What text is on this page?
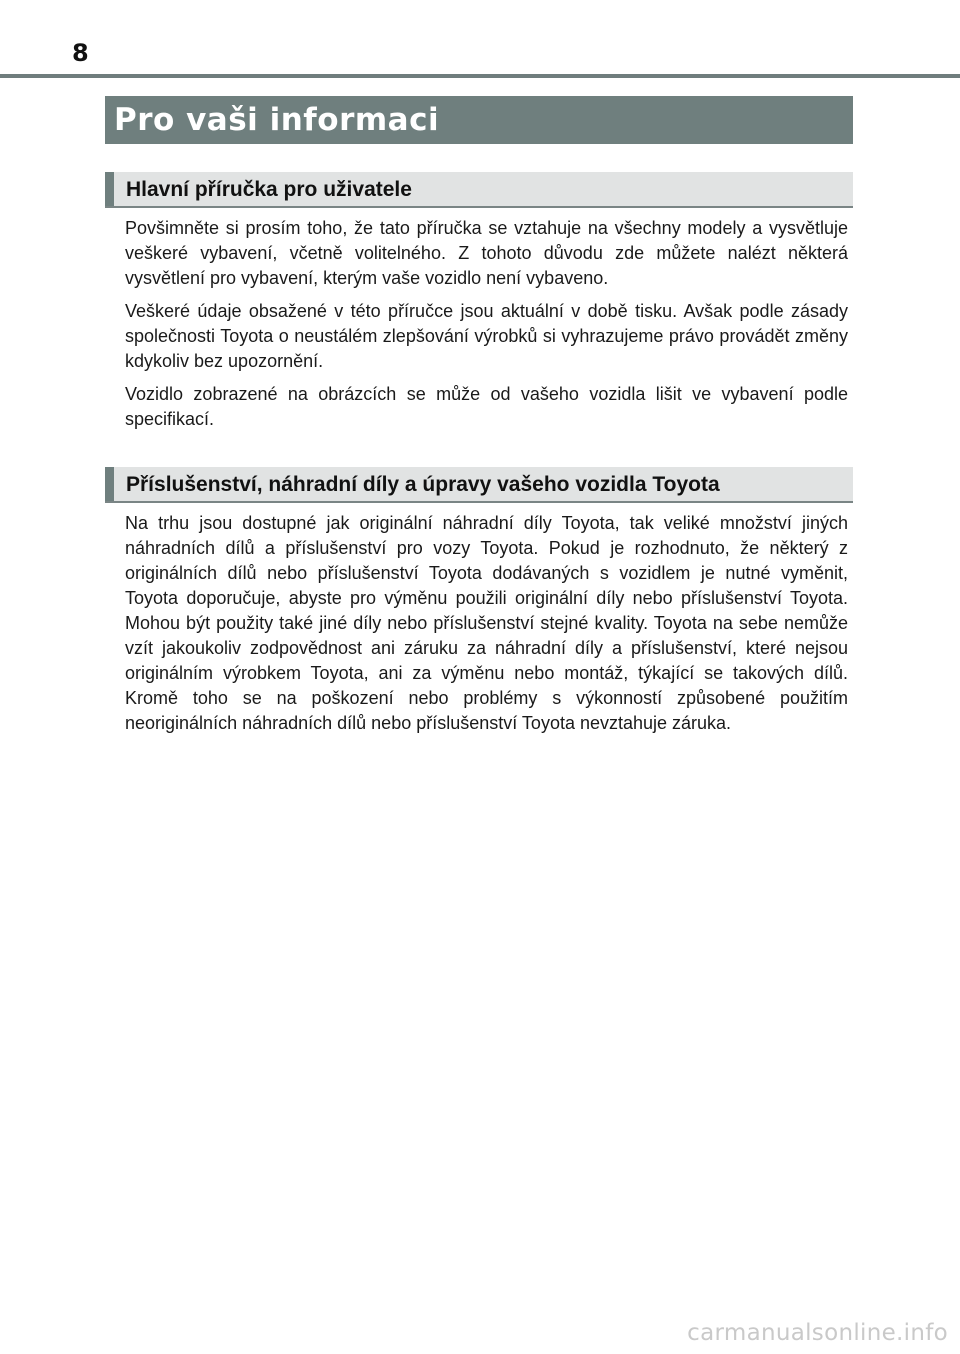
8
Pro vaši informaci
Hlavní příručka pro uživatele

Povšimněte si prosím toho, že tato příručka se vztahuje na všechny modely a vysvětluje veškeré vybavení, včetně volitelného. Z tohoto důvodu zde můžete nalézt některá vysvětlení pro vybavení, kterým vaše vozidlo není vybaveno.

Veškeré údaje obsažené v této příručce jsou aktuální v době tisku. Avšak podle zásady společnosti Toyota o neustálém zlepšování výrobků si vyhrazujeme právo provádět změny kdykoliv bez upozornění.

Vozidlo zobrazené na obrázcích se může od vašeho vozidla lišit ve vybavení podle specifikací.

Příslušenství, náhradní díly a úpravy vašeho vozidla Toyota

Na trhu jsou dostupné jak originální náhradní díly Toyota, tak veliké množství jiných náhradních dílů a příslušenství pro vozy Toyota. Pokud je rozhodnuto, že některý z originálních dílů nebo příslušenství Toyota dodávaných s vozidlem je nutné vyměnit, Toyota doporučuje, abyste pro výměnu použili originální díly nebo příslušenství Toyota. Mohou být použity také jiné díly nebo příslušenství stejné kvality. Toyota na sebe nemůže vzít jakoukoliv zodpovědnost ani záruku za náhradní díly a příslušenství, které nejsou originálním výrobkem Toyota, ani za výměnu nebo montáž, týkající se takových dílů. Kromě toho se na poškození nebo problémy s výkonností způsobené použitím neoriginálních náhradních dílů nebo příslušenství Toyota nevztahuje záruka.

carmanualsonline.info
